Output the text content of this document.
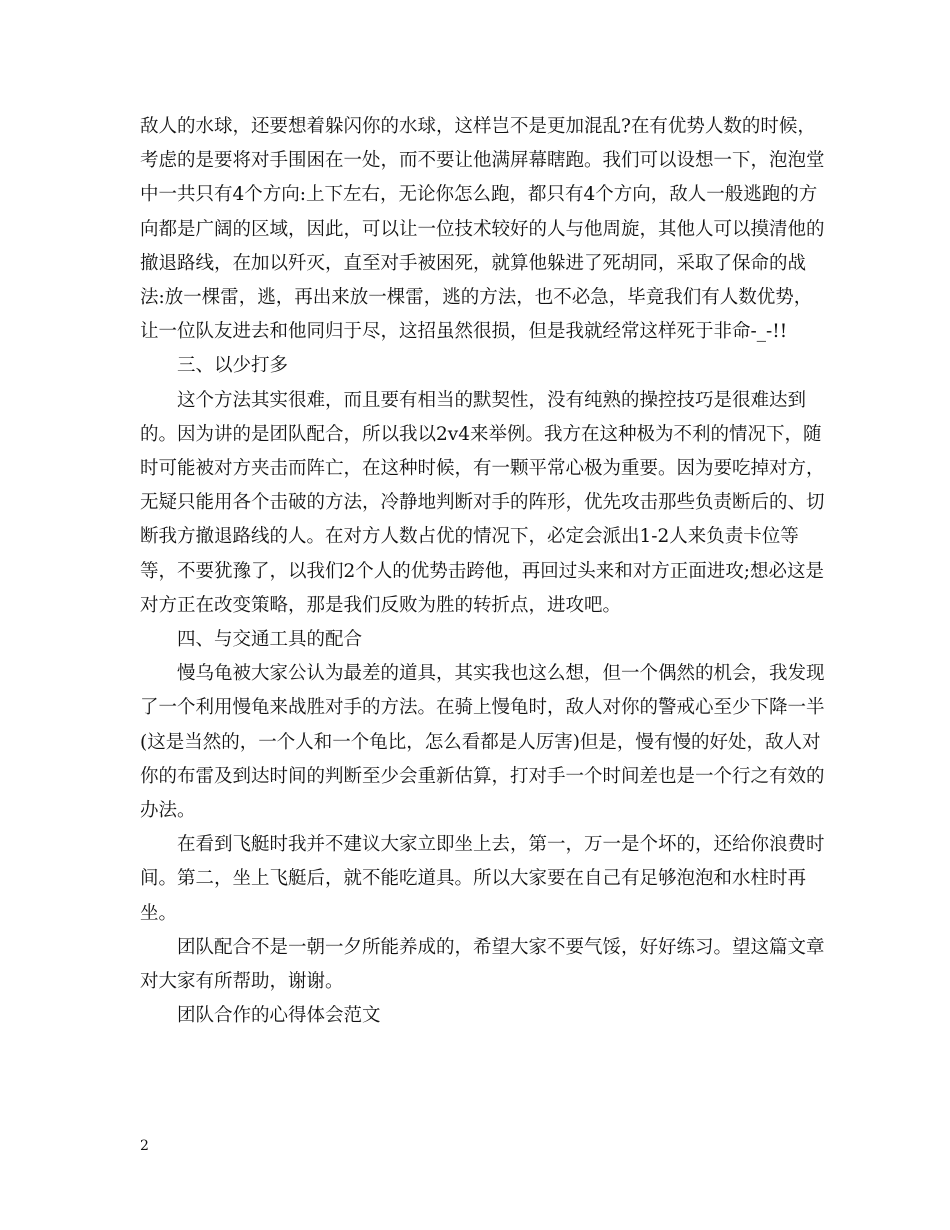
敌人的水球，还要想着躲闪你的水球，这样岂不是更加混乱?在有优势人数的时候，考虑的是要将对手围困在一处，而不要让他满屏幕瞎跑。我们可以设想一下，泡泡堂中一共只有4个方向:上下左右，无论你怎么跑，都只有4个方向，敌人一般逃跑的方向都是广阔的区域，因此，可以让一位技术较好的人与他周旋，其他人可以摸清他的撤退路线，在加以歼灭，直至对手被困死，就算他躲进了死胡同，采取了保命的战法:放一棵雷，逃，再出来放一棵雷，逃的方法，也不必急，毕竟我们有人数优势，让一位队友进去和他同归于尽，这招虽然很损，但是我就经常这样死于非命-_-!!

三、以少打多

这个方法其实很难，而且要有相当的默契性，没有纯熟的操控技巧是很难达到的。因为讲的是团队配合，所以我以2v4来举例。我方在这种极为不利的情况下，随时可能被对方夹击而阵亡，在这种时候，有一颗平常心极为重要。因为要吃掉对方，无疑只能用各个击破的方法，冷静地判断对手的阵形，优先攻击那些负责断后的、切断我方撤退路线的人。在对方人数占优的情况下，必定会派出1-2人来负责卡位等等，不要犹豫了，以我们2个人的优势击跨他，再回过头来和对方正面进攻;想必这是对方正在改变策略，那是我们反败为胜的转折点，进攻吧。

四、与交通工具的配合

慢乌龟被大家公认为最差的道具，其实我也这么想，但一个偶然的机会，我发现了一个利用慢龟来战胜对手的方法。在骑上慢龟时，敌人对你的警戒心至少下降一半(这是当然的，一个人和一个龟比，怎么看都是人厉害)但是，慢有慢的好处，敌人对你的布雷及到达时间的判断至少会重新估算，打对手一个时间差也是一个行之有效的办法。

在看到飞艇时我并不建议大家立即坐上去，第一，万一是个坏的，还给你浪费时间。第二，坐上飞艇后，就不能吃道具。所以大家要在自己有足够泡泡和水柱时再坐。

团队配合不是一朝一夕所能养成的，希望大家不要气馁，好好练习。望这篇文章对大家有所帮助，谢谢。

团队合作的心得体会范文

2
